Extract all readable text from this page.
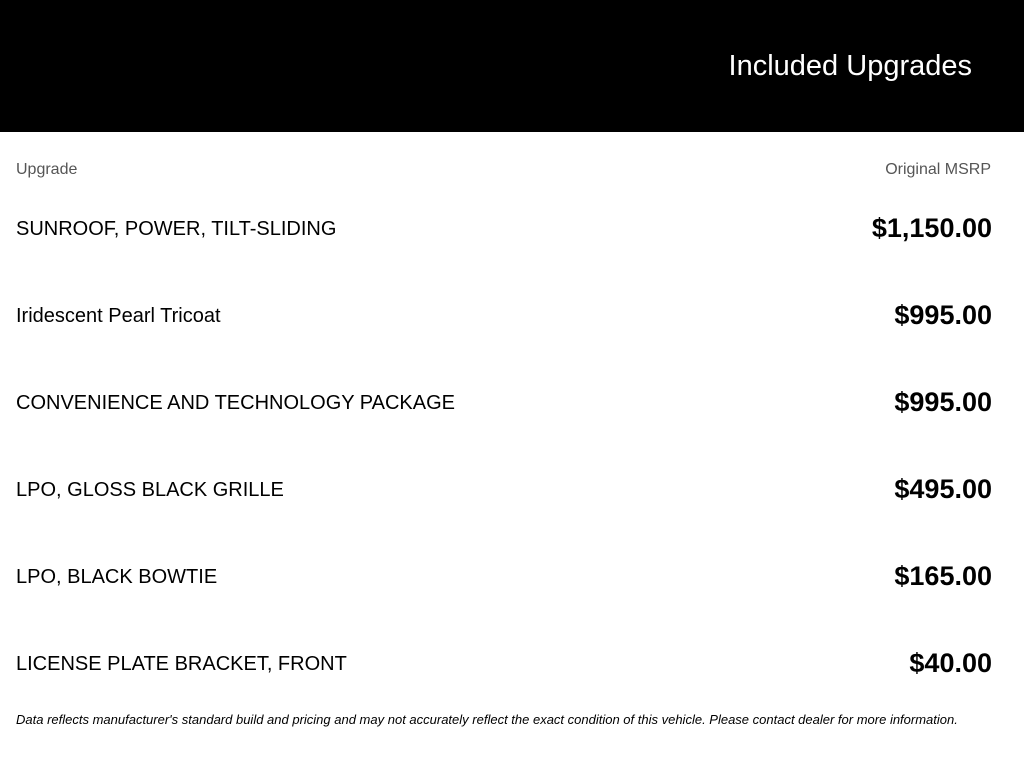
Included Upgrades
Upgrade	Original MSRP
SUNROOF, POWER, TILT-SLIDING	$1,150.00
Iridescent Pearl Tricoat	$995.00
CONVENIENCE AND TECHNOLOGY PACKAGE	$995.00
LPO, GLOSS BLACK GRILLE	$495.00
LPO, BLACK BOWTIE	$165.00
LICENSE PLATE BRACKET, FRONT	$40.00
Data reflects manufacturer's standard build and pricing and may not accurately reflect the exact condition of this vehicle. Please contact dealer for more information.
